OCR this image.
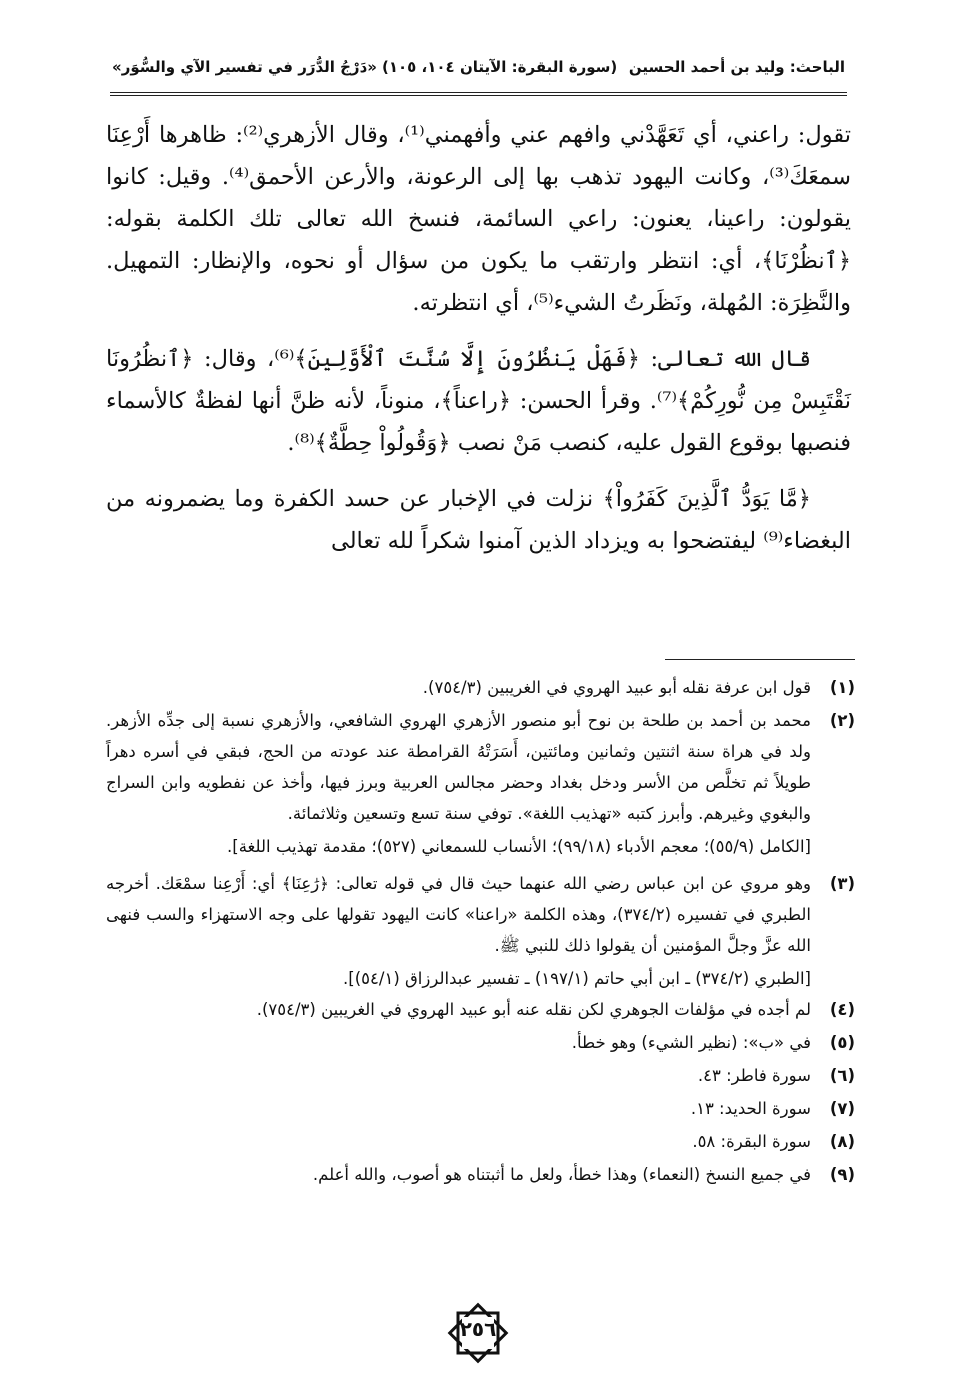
«دَرْجُ الدُّرَر في تفسير الآي والسُّوَر» (سورة البقرة: الآيتان ١٠٤، ١٠٥) الباحث: وليد بن أحمد الحسين

تقول: راعني، أي تَعَهَّدْني وافهم عني وأفهمني⁽¹⁾، وقال الأزهري⁽²⁾: ظاهرها أَرْعِنَا سمعَكَ⁽³⁾، وكانت اليهود تذهب بها إلى الرعونة، والأرعن الأحمق⁽⁴⁾. وقيل: كانوا يقولون: راعينا، يعنون: راعي السائمة، فنسخ الله تعالى تلك الكلمة بقوله: ﴿ٱنظُرْنَا﴾، أي: انتظر وارتقب ما يكون من سؤال أو نحوه، والإنظار: التمهيل. والنَّظِرَة: المُهلة، ونَظَرتُ الشيء⁽⁵⁾، أي انتظرته.

قال الله تعالى: ﴿فَهَلْ يَنظُرُونَ إِلَّا سُنَّتَ ٱلْأَوَّلِينَ﴾⁽⁶⁾، وقال: ﴿ٱنظُرُونَا نَقْتَبِسْ مِن نُّورِكُمْ﴾⁽⁷⁾. وقرأ الحسن: ﴿راعناً﴾، منوناً، لأنه ظنَّ أنها لفظةٌ كالأسماء فنصبها بوقوع القول عليه، كنصب مَنْ نصب ﴿وَقُولُواْ حِطَّةٌ﴾⁽⁸⁾.

﴿مَّا يَوَدُّ ٱلَّذِينَ كَفَرُواْ﴾ نزلت في الإخبار عن حسد الكفرة وما يضمرونه من البغضاء⁽⁹⁾ ليفتضحوا به ويزداد الذين آمنوا شكراً لله تعالى

(١)
قول ابن عرفة نقله أبو عبيد الهروي في الغريبين (٧٥٤/٣).
(٢)
محمد بن أحمد بن طلحة بن نوح أبو منصور الأزهري الهروي الشافعي، والأزهري نسبة إلى جدِّه الأزهر. ولد في هراة سنة اثنتين وثمانين ومائتين، أَسَرَتْهُ القرامطة عند عودته من الحج، فبقي في أسره دهراً طويلاً ثم تخلَّص من الأسر ودخل بغداد وحضر مجالس العربية وبرز فيها، وأخذ عن نفطويه وابن السراج والبغوي وغيرهم. وأبرز كتبه «تهذيب اللغة». توفي سنة تسع وتسعين وثلاثمائة.
[الكامل (٥٥/٩)؛ معجم الأدباء (٩٩/١٨)؛ الأنساب للسمعاني (٥٢٧)؛ مقدمة تهذيب اللغة].
(٣)
وهو مروي عن ابن عباس رضي الله عنهما حيث قال في قوله تعالى: ﴿رَٰعِنَا﴾ أي: أَرْعِنا سمْعَك. أخرجه الطبري في تفسيره (٣٧٤/٢)، وهذه الكلمة «راعنا» كانت اليهود تقولها على وجه الاستهزاء والسب فنهى الله عزَّ وجلَّ المؤمنين أن يقولوا ذلك للنبي ﷺ.
[الطبري (٣٧٤/٢) ـ ابن أبي حاتم (١٩٧/١) ـ تفسير عبدالرزاق (٥٤/١)].
(٤)
لم أجده في مؤلفات الجوهري لكن نقله عنه أبو عبيد الهروي في الغريبين (٧٥٤/٣).
(٥)
في «ب»: (نظير الشيء) وهو خطأ.
(٦)
سورة فاطر: ٤٣.
(٧)
سورة الحديد: ١٣.
(٨)
سورة البقرة: ٥٨.
(٩)
في جميع النسخ (النعماء) وهذا خطأ، ولعل ما أثبتناه هو أصوب، والله أعلم.
٢٥٦
